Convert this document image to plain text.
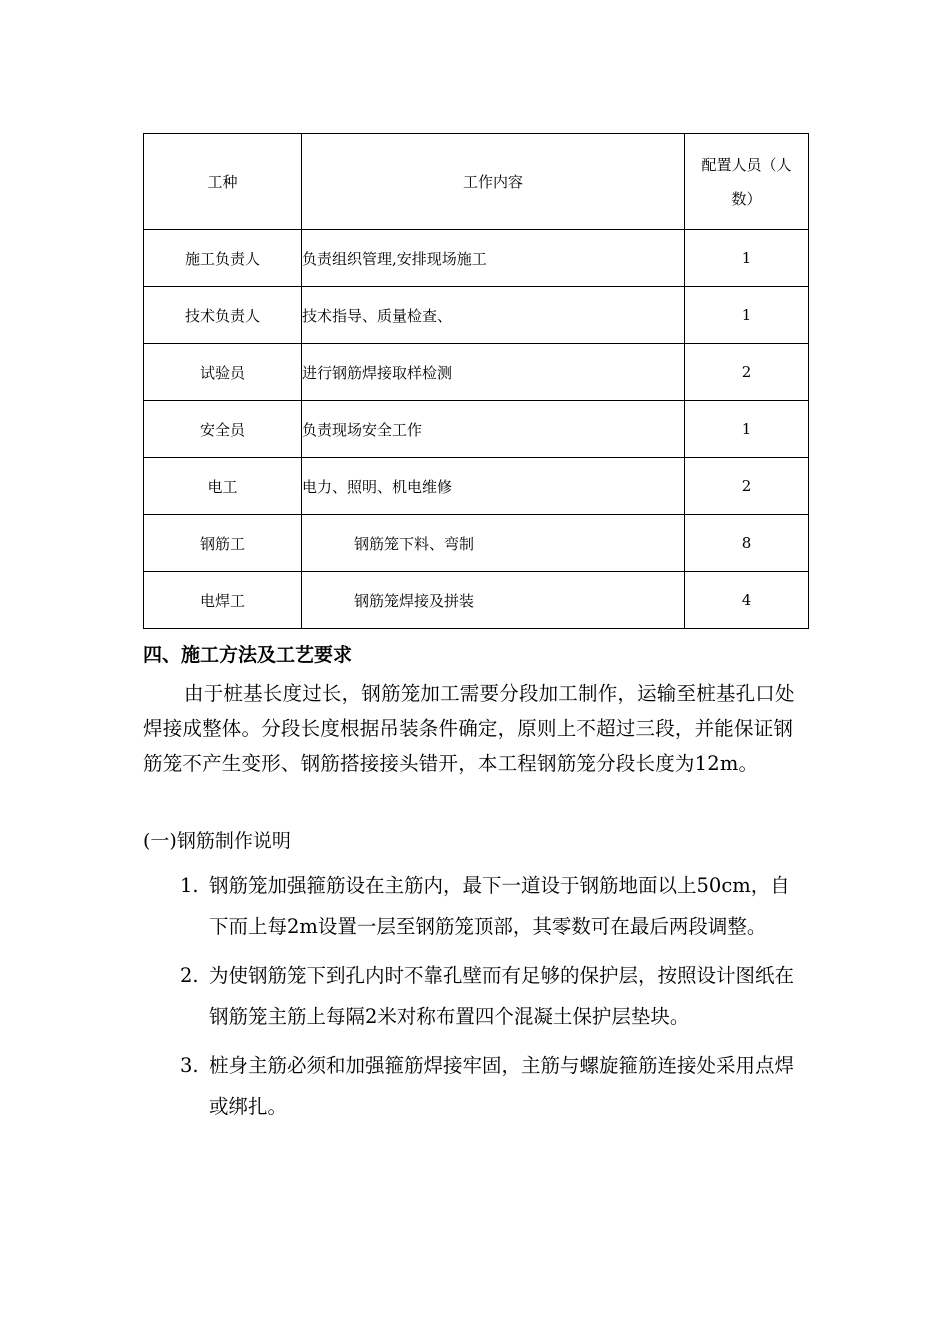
工种	工作内容	配置人员（人
数）

施工负责人	负责组织管理,安排现场施工	1
技术负责人	技术指导、质量检查、	1
试验员	进行钢筋焊接取样检测	2
安全员	负责现场安全工作	1
电工	电力、照明、机电维修	2
钢筋工	钢筋笼下料、弯制	8
电焊工	钢筋笼焊接及拼装	4
四、施工方法及工艺要求
由于桩基长度过长，钢筋笼加工需要分段加工制作，运输至桩基孔口处焊接成整体。分段长度根据吊装条件确定，原则上不超过三段，并能保证钢筋笼不产生变形、钢筋搭接接头错开，本工程钢筋笼分段长度为12m。
(一)钢筋制作说明
1. 钢筋笼加强箍筋设在主筋内，最下一道设于钢筋地面以上50cm，自下而上每2m设置一层至钢筋笼顶部，其零数可在最后两段调整。
2. 为使钢筋笼下到孔内时不靠孔壁而有足够的保护层，按照设计图纸在钢筋笼主筋上每隔2米对称布置四个混凝土保护层垫块。
3. 桩身主筋必须和加强箍筋焊接牢固，主筋与螺旋箍筋连接处采用点焊或绑扎。
